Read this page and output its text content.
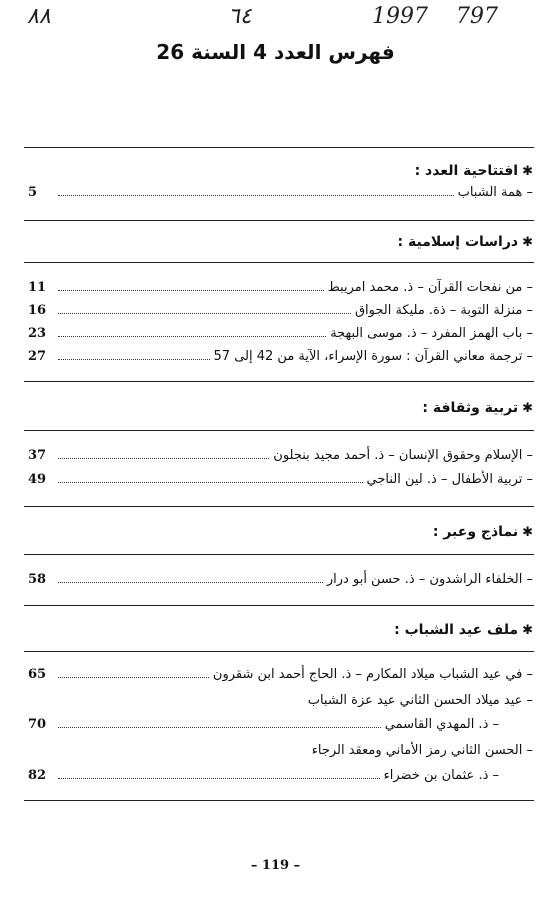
۸۸	٦٤	1997 797
فهرس العدد 4 السنة 26
✱افتتاحية العدد :
– همة الشباب
5
✱دراسات إسلامية :
– من نفحات القرآن – ذ. محمد امريبط
11
– منزلة التوبة – ذة. مليكة الجواق
16
– باب الهمز المفرد – ذ. موسى البهجة
23
– ترجمة معاني القرآن : سورة الإسراء، الآية من 42 إلى 57
27
✱تربية وثقافة :
– الإسلام وحقوق الإنسان – ذ. أحمد مجيد بنجلون
37
– تربية الأطفال – ذ. لين الناجي
49
✱نماذج وعبر :
– الخلفاء الراشدون – ذ. حسن أبو درار
58
✱ملف عيد الشباب :
– في عيد الشباب ميلاد المكارم – ذ. الحاج أحمد ابن شقرون
65
– عيد ميلاد الحسن الثاني عيد عزة الشباب
– ذ. المهدي القاسمي
70
– الحسن الثاني رمز الأماني ومعقد الرجاء
– ذ. عثمان بن خضراء
82
– 119 –
